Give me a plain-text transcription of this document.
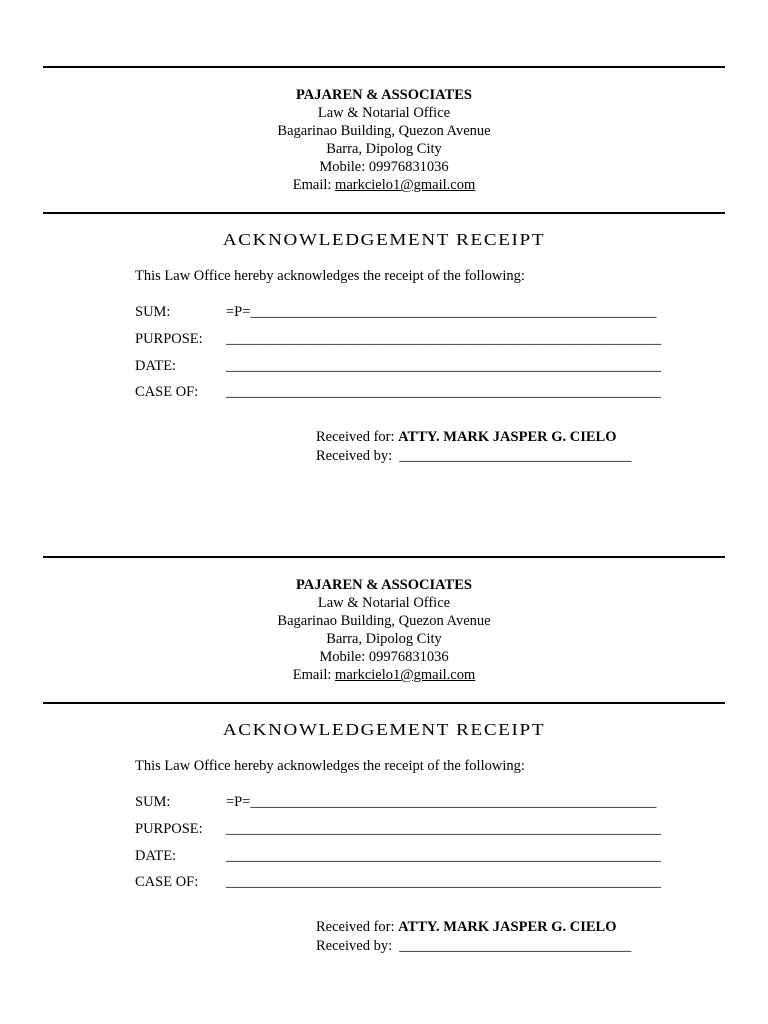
PAJAREN & ASSOCIATES
Law & Notarial Office
Bagarinao Building, Quezon Avenue
Barra, Dipolog City
Mobile: 09976831036
Email: markcielo1@gmail.com
ACKNOWLEDGEMENT RECEIPT
This Law Office hereby acknowledges the receipt of the following:
SUM:	=P=________________________________________________________
PURPOSE: ____________________________________________________________
DATE:	____________________________________________________________
CASE OF: ____________________________________________________________
Received for: ATTY. MARK JASPER G. CIELO
Received by: ________________________________
PAJAREN & ASSOCIATES
Law & Notarial Office
Bagarinao Building, Quezon Avenue
Barra, Dipolog City
Mobile: 09976831036
Email: markcielo1@gmail.com
ACKNOWLEDGEMENT RECEIPT
This Law Office hereby acknowledges the receipt of the following:
SUM:	=P=________________________________________________________
PURPOSE: ____________________________________________________________
DATE:	____________________________________________________________
CASE OF: ____________________________________________________________
Received for: ATTY. MARK JASPER G. CIELO
Received by: ________________________________
